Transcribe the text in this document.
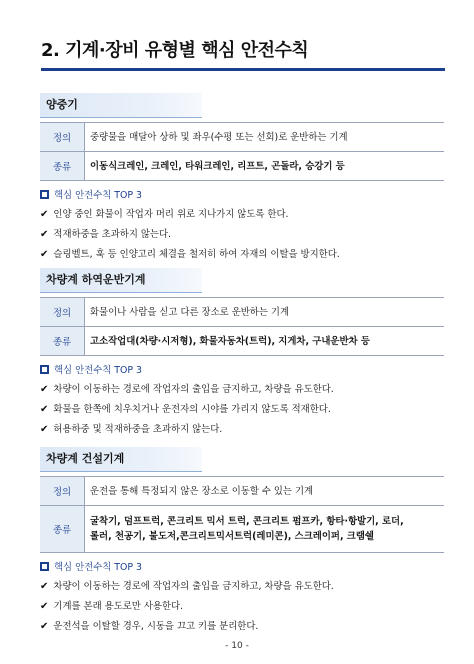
2. 기계·장비 유형별 핵심 안전수칙
양중기
정의	중량물을 매달아 상하 및 좌우(수평 또는 선회)로 운반하는 기계
종류	이동식크레인, 크레인, 타워크레인, 리프트, 곤돌라, 승강기 등
핵심 안전수칙 TOP 3
✔ 인양 중인 화물이 작업자 머리 위로 지나가지 않도록 한다.
✔ 적재하중을 초과하지 않는다.
✔ 슬링벨트, 훅 등 인양고리 체결을 철저히 하여 자재의 이탈을 방지한다.
차량계 하역운반기계
정의	화물이나 사람을 싣고 다른 장소로 운반하는 기계
종류	고소작업대(차량·시저형), 화물자동차(트럭), 지게차, 구내운반차 등
핵심 안전수칙 TOP 3
✔ 차량이 이동하는 경로에 작업자의 출입을 금지하고, 차량을 유도한다.
✔ 화물을 한쪽에 치우치거나 운전자의 시야를 가리지 않도록 적재한다.
✔ 허용하중 및 적재하중을 초과하지 않는다.
차량계 건설기계
정의	운전을 통해 특정되지 않은 장소로 이동할 수 있는 기계
종류	굴착기, 덤프트럭, 콘크리트 믹서 트럭, 콘크리트 펌프카, 항타·항발기, 로더,
롤러, 천공기, 불도저,콘크리트믹서트럭(레미콘), 스크레이퍼, 크램쉘
핵심 안전수칙 TOP 3
✔ 차량이 이동하는 경로에 작업자의 출입을 금지하고, 차량을 유도한다.
✔ 기계를 본래 용도로만 사용한다.
✔ 운전석을 이탈할 경우, 시동을 끄고 키를 분리한다.
- 10 -
